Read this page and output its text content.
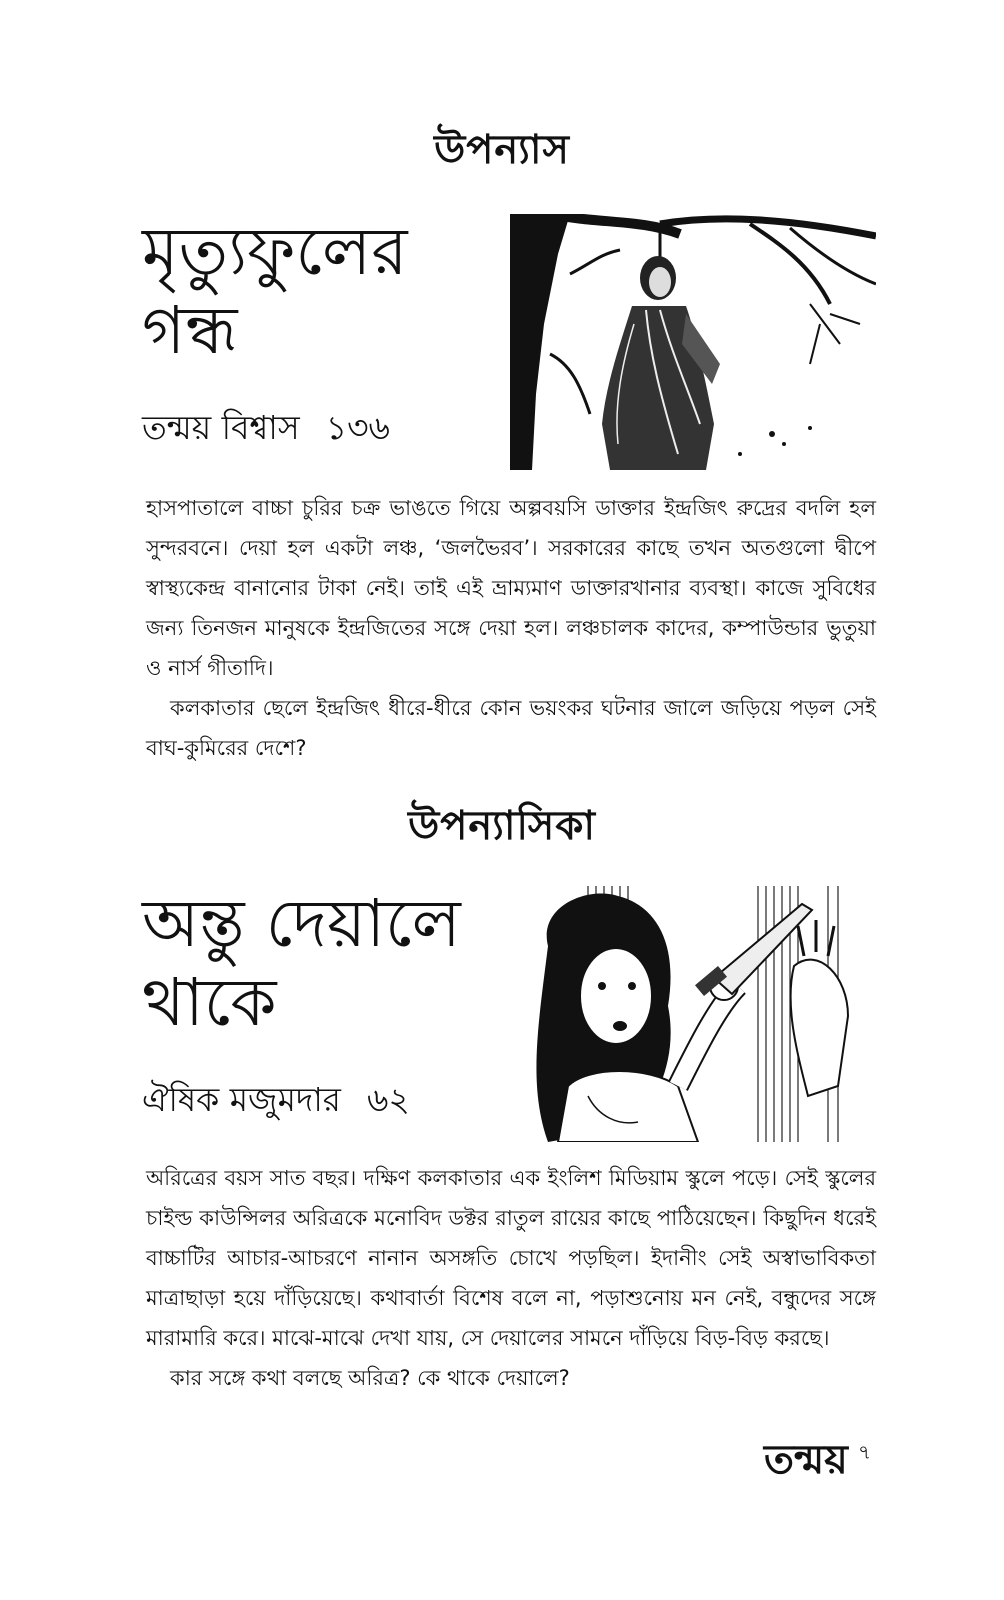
উপন্যাস
মৃত্যুফুলের
গন্ধ
তন্ময় বিশ্বাস ১৩৬

হাসপাতালে বাচ্চা চুরির চক্র ভাঙতে গিয়ে অল্পবয়সি ডাক্তার ইন্দ্রজিৎ রুদ্রের বদলি হল সুন্দরবনে। দেয়া হল একটা লঞ্চ, ‘জলভৈরব’। সরকারের কাছে তখন অতগুলো দ্বীপে স্বাস্থ্যকেন্দ্র বানানোর টাকা নেই। তাই এই ভ্রাম্যমাণ ডাক্তারখানার ব্যবস্থা। কাজে সুবিধের জন্য তিনজন মানুষকে ইন্দ্রজিতের সঙ্গে দেয়া হল। লঞ্চচালক কাদের, কম্পাউন্ডার ভুতুয়া ও নার্স গীতাদি।

কলকাতার ছেলে ইন্দ্রজিৎ ধীরে-ধীরে কোন ভয়ংকর ঘটনার জালে জড়িয়ে পড়ল সেই বাঘ-কুমিরের দেশে?

উপন্যাসিকা
অন্তু দেয়ালে
থাকে
ঐষিক মজুমদার ৬২

অরিত্রের বয়স সাত বছর। দক্ষিণ কলকাতার এক ইংলিশ মিডিয়াম স্কুলে পড়ে। সেই স্কুলের চাইল্ড কাউন্সিলর অরিত্রকে মনোবিদ ডক্টর রাতুল রায়ের কাছে পাঠিয়েছেন। কিছুদিন ধরেই বাচ্চাটির আচার-আচরণে নানান অসঙ্গতি চোখে পড়ছিল। ইদানীং সেই অস্বাভাবিকতা মাত্রাছাড়া হয়ে দাঁড়িয়েছে। কথাবার্তা বিশেষ বলে না, পড়াশুনোয় মন নেই, বন্ধুদের সঙ্গে মারামারি করে। মাঝে-মাঝে দেখা যায়, সে দেয়ালের সামনে দাঁড়িয়ে বিড়-বিড় করছে।

কার সঙ্গে কথা বলছে অরিত্র? কে থাকে দেয়ালে?

তন্ময় ৭
